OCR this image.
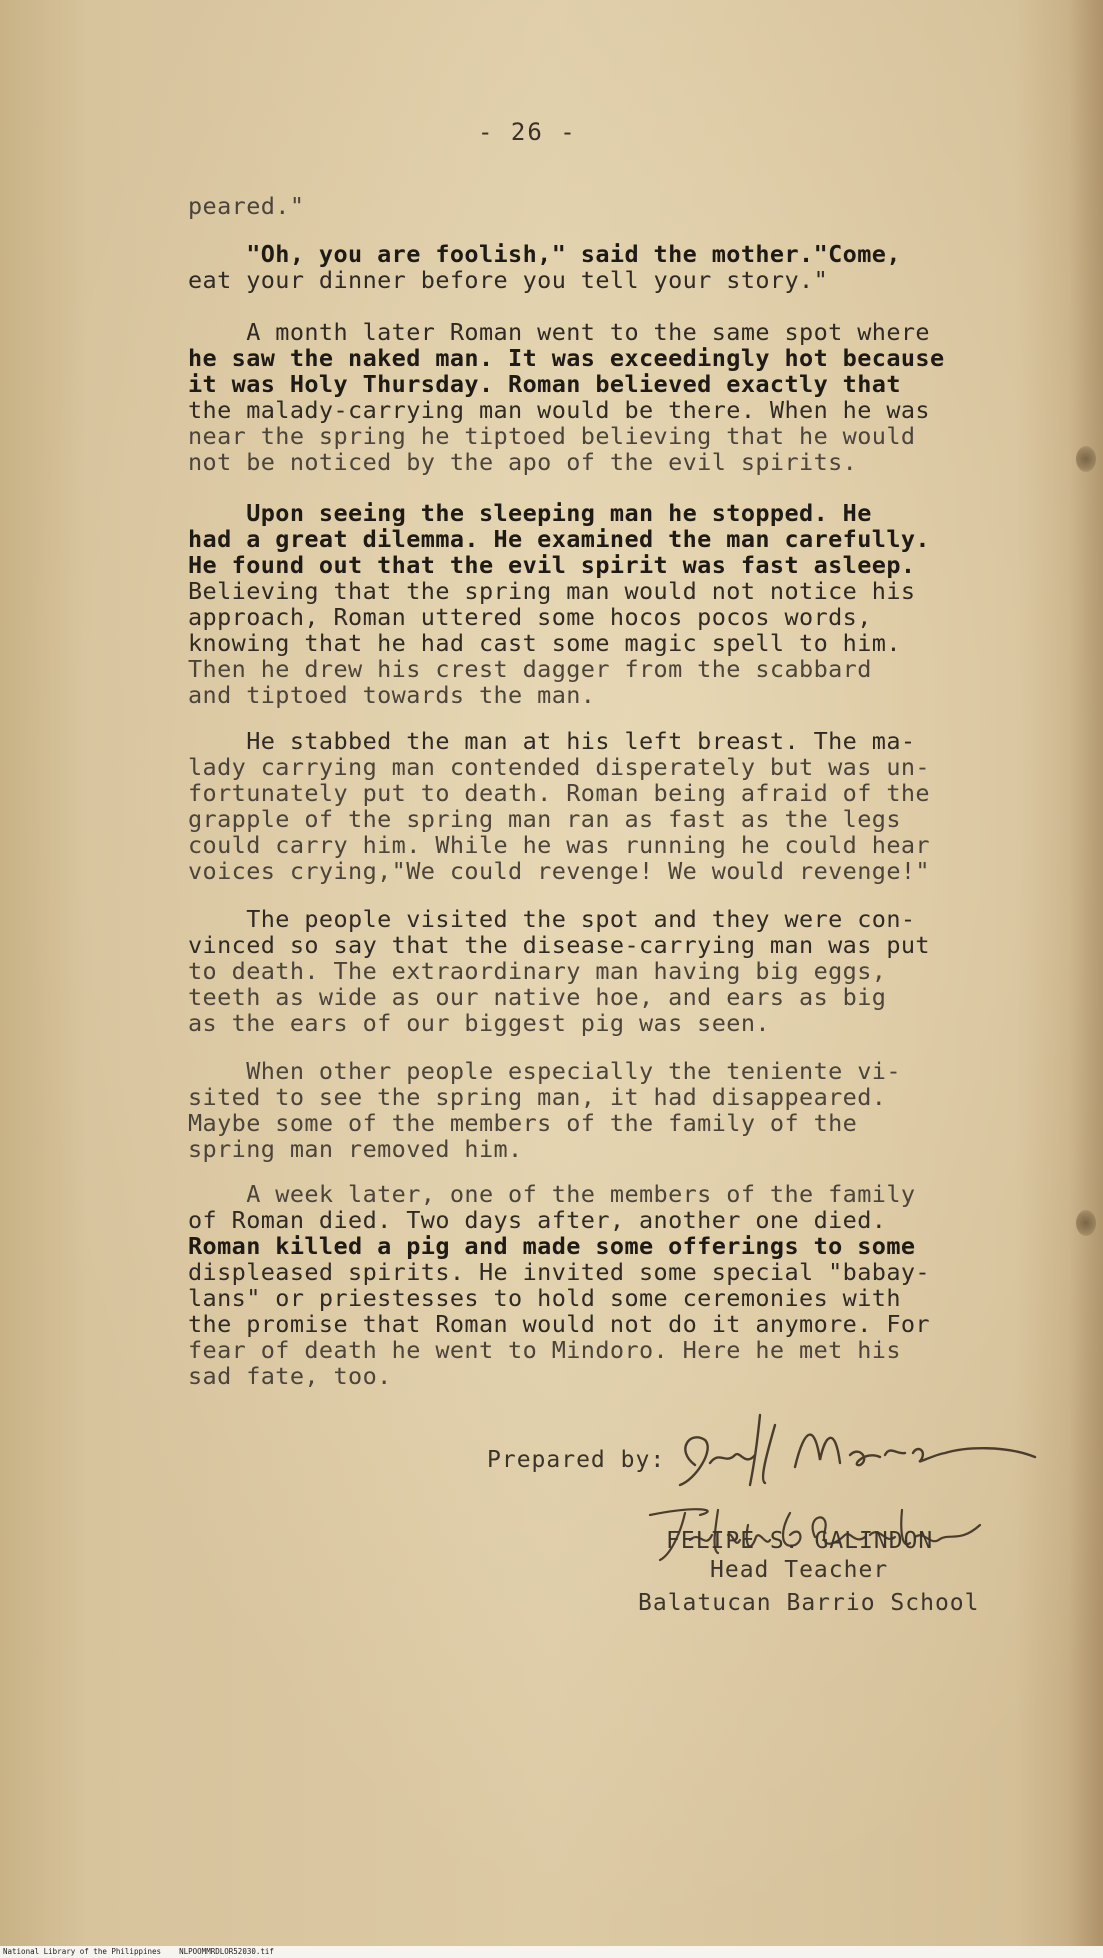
- 26 -
peared."
"Oh, you are foolish," said the mother."Come,
eat your dinner before you tell your story."
A month later Roman went to the same spot where
he saw the naked man. It was exceedingly hot because
it was Holy Thursday. Roman believed exactly that
the malady-carrying man would be there. When he was
near the spring he tiptoed believing that he would
not be noticed by the apo of the evil spirits.
Upon seeing the sleeping man he stopped. He
had a great dilemma. He examined the man carefully.
He found out that the evil spirit was fast asleep.
Believing that the spring man would not notice his
approach, Roman uttered some hocos pocos words,
knowing that he had cast some magic spell to him.
Then he drew his crest dagger from the scabbard
and tiptoed towards the man.
He stabbed the man at his left breast. The ma-
lady carrying man contended disperately but was un-
fortunately put to death. Roman being afraid of the
grapple of the spring man ran as fast as the legs
could carry him. While he was running he could hear
voices crying,"We could revenge! We would revenge!"
The people visited the spot and they were con-
vinced so say that the disease-carrying man was put
to death. The extraordinary man having big eggs,
teeth as wide as our native hoe, and ears as big
as the ears of our biggest pig was seen.
When other people especially the teniente vi-
sited to see the spring man, it had disappeared.
Maybe some of the members of the family of the
spring man removed him.
A week later, one of the members of the family
of Roman died. Two days after, another one died.
Roman killed a pig and made some offerings to some
displeased spirits. He invited some special "babay-
lans" or priestesses to hold some ceremonies with
the promise that Roman would not do it anymore. For
fear of death he went to Mindoro. Here he met his
sad fate, too.
Prepared by:
FELIPE S. GALINDON
Head Teacher
Balatucan Barrio School
National Library of the Philippines    NLPOOMMRDLOR52030.tif
